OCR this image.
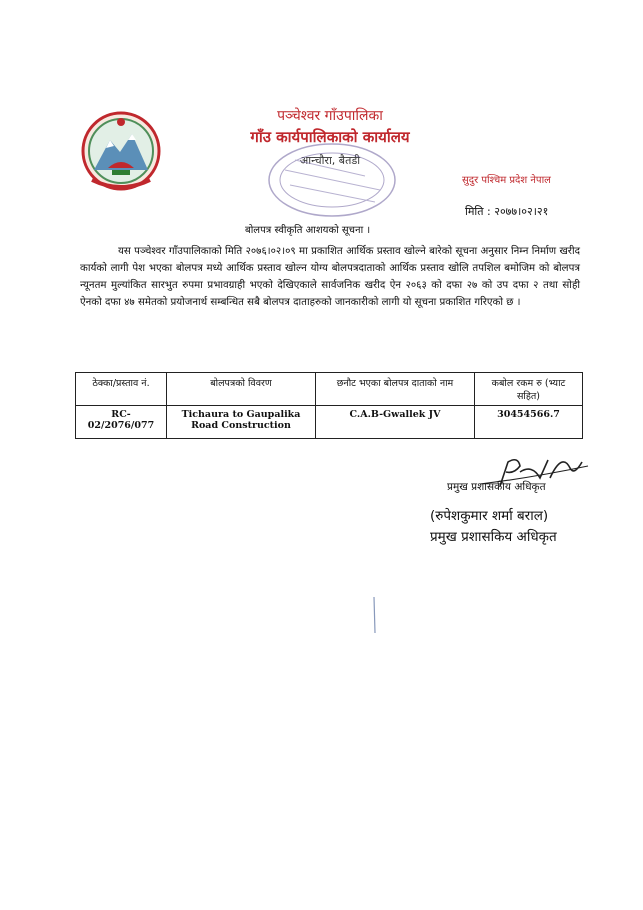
पञ्चेश्वर गाँउपालिका
गाँउ कार्यपालिकाको कार्यालय
आन्चौरा, बैतडी
सुदुर पश्चिम प्रदेश नेपाल
मिति : २०७७।०२।२१
बोलपत्र स्वीकृति आशयको सूचना ।
यस पञ्चेश्वर गाँउपालिकाको मिति २०७६।०२।०९ मा प्रकाशित आर्थिक प्रस्ताव खोल्ने बारेको सूचना अनुसार निम्न निर्माण खरीद कार्यको लागी पेश भएका बोलपत्र मध्ये आर्थिक प्रस्ताव खोल्न योग्य बोलपत्रदाताको आर्थिक प्रस्ताव खोलि तपशिल बमोजिम को बोलपत्र न्यूनतम मुल्यांकित सारभुत रुपमा प्रभावग्राही भएको देखिएकाले सार्वजनिक खरीद ऐन २०६३ को दफा २७ को उप दफा २ तथा सोही ऐनको दफा ४७ समेतको प्रयोजनार्थ सम्बन्धित सबै बोलपत्र दाताहरुको जानकारीको लागी यो सूचना प्रकाशित गरिएको छ ।
ठेक्का/प्रस्ताव नं.	बोलपत्रको विवरण	छनौट भएका बोलपत्र दाताको नाम	कबोल रकम रु (भ्याट सहित)
RC-02/2076/077	Tichaura to Gaupalika Road Construction	C.A.B-Gwallek JV	30454566.7
प्रमुख प्रशासकीय अधिकृत
(रुपेशकुमार शर्मा बराल)
प्रमुख प्रशासकिय अधिकृत
